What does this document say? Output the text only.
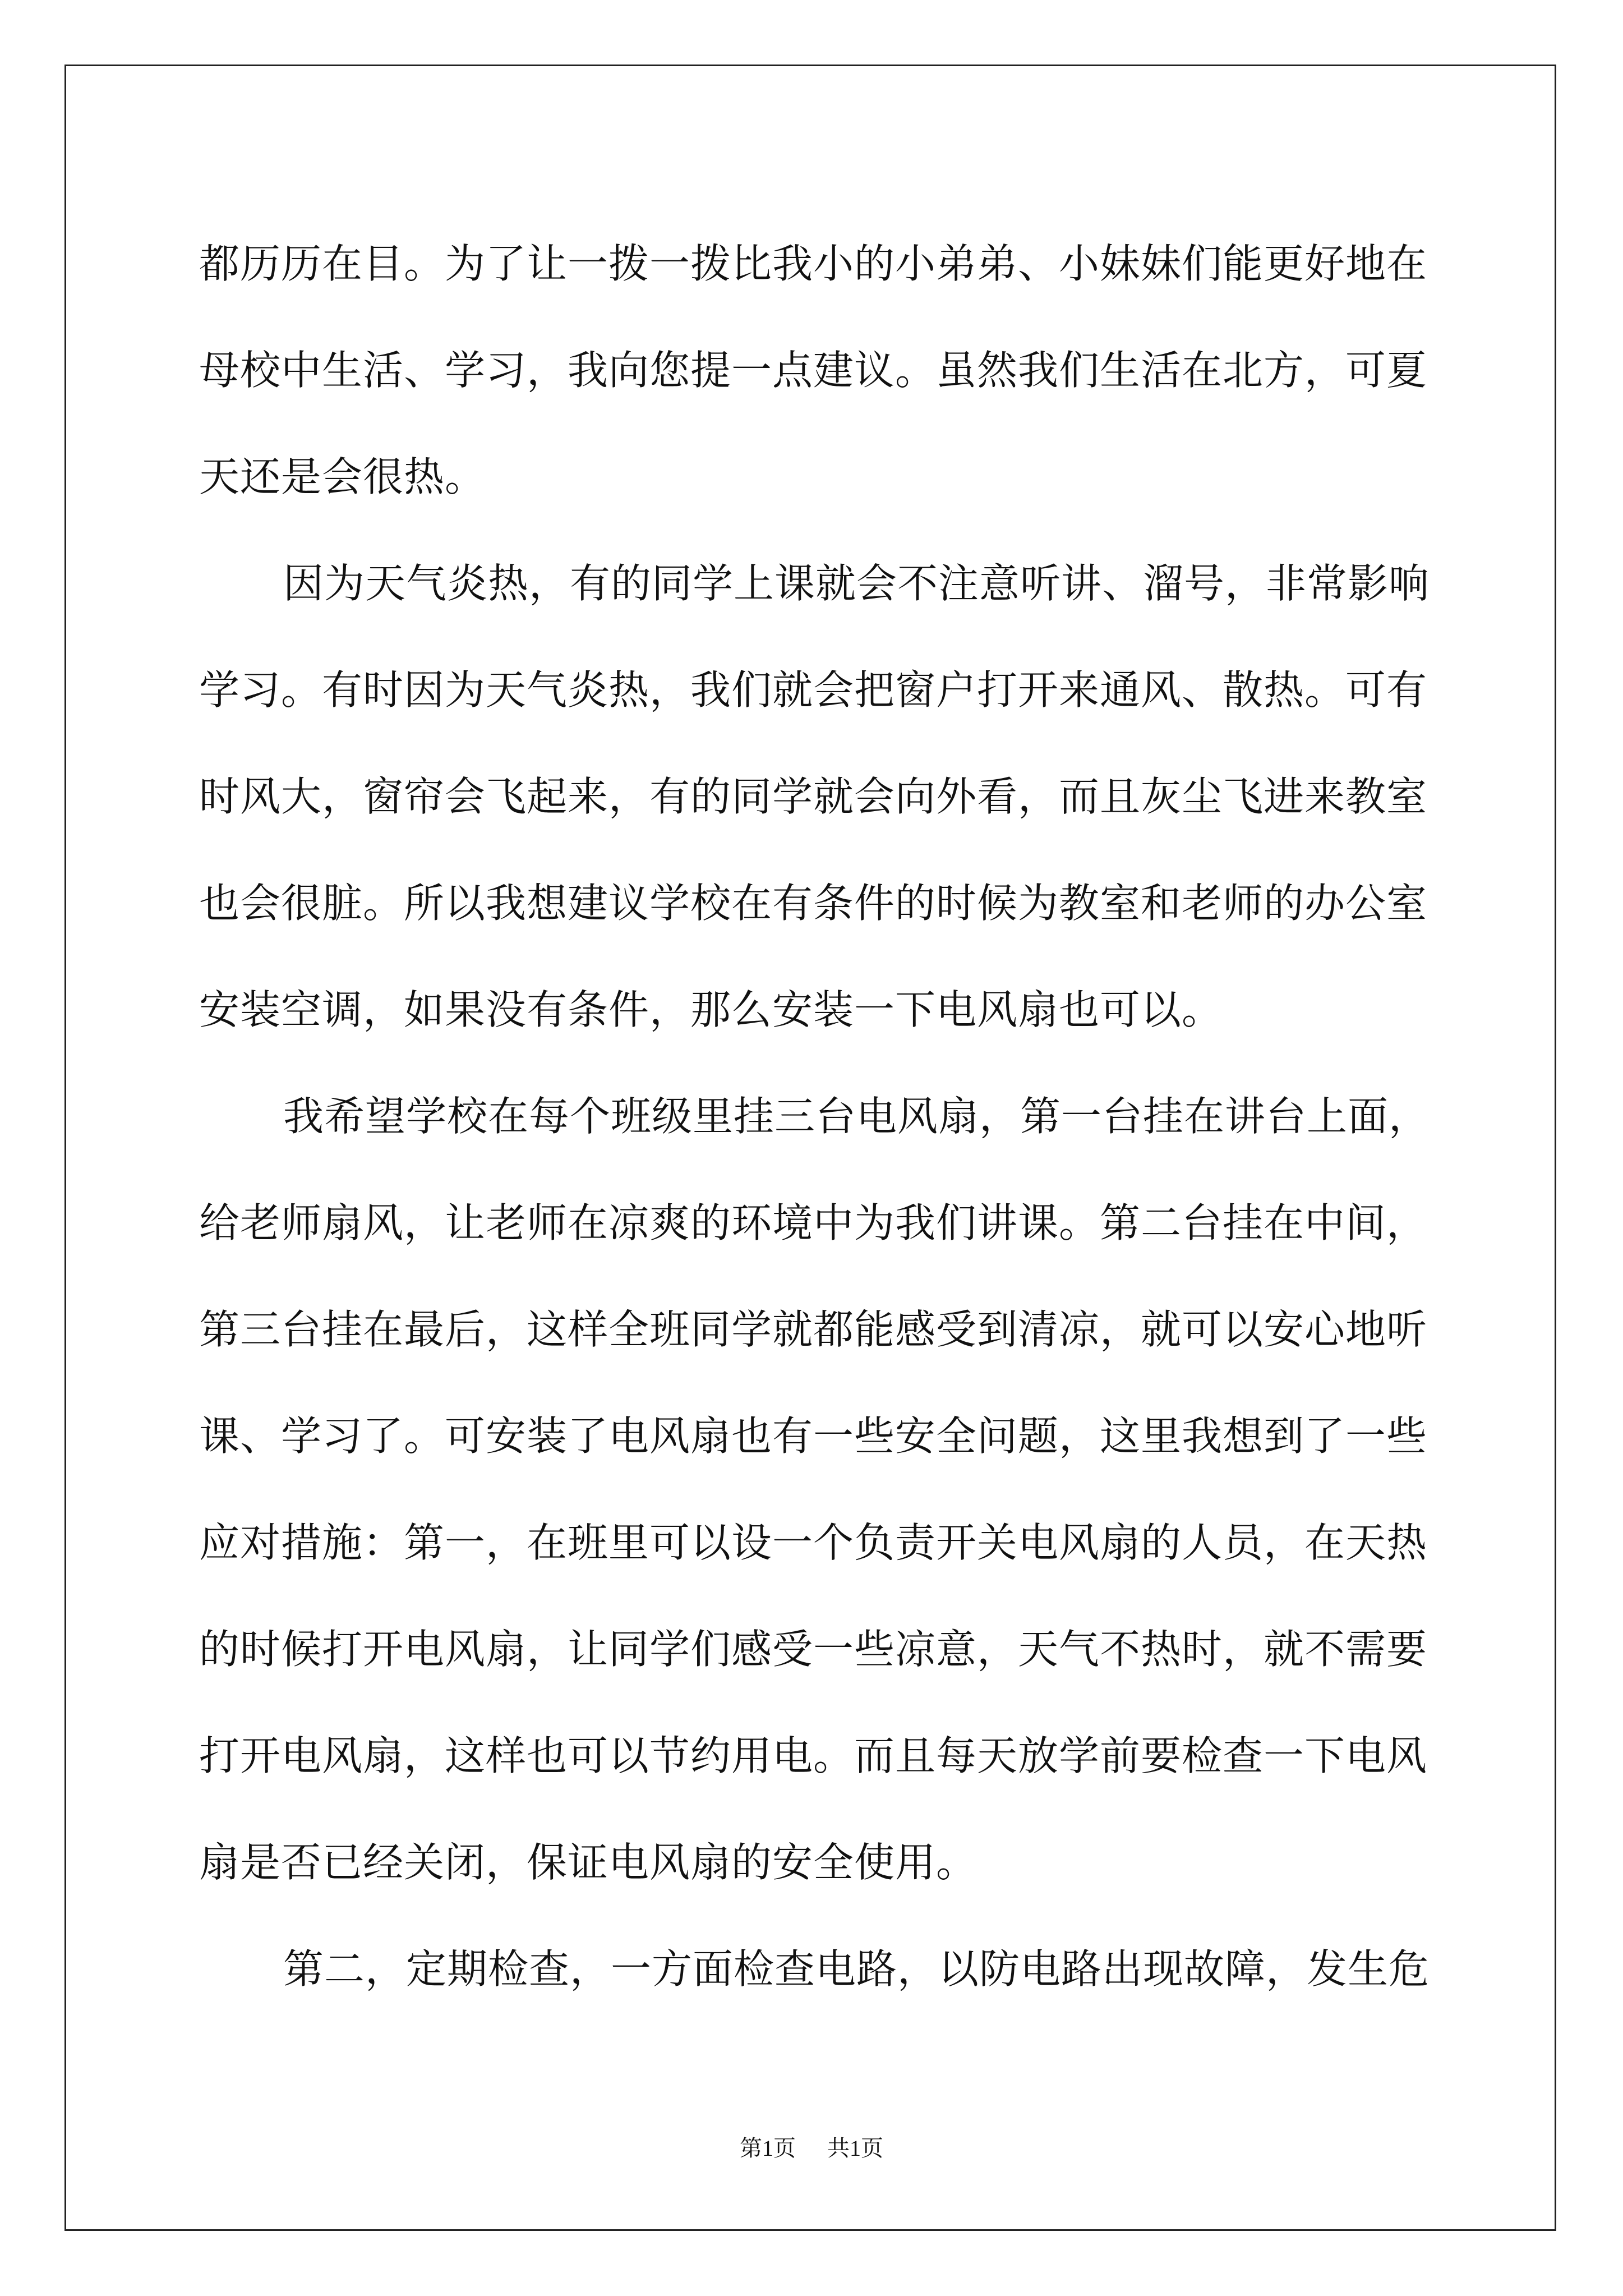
都历历在目。为了让一拨一拨比我小的小弟弟、小妹妹们能更好地在
母校中生活、学习，我向您提一点建议。虽然我们生活在北方，可夏
天还是会很热。
因为天气炎热，有的同学上课就会不注意听讲、溜号，非常影响
学习。有时因为天气炎热，我们就会把窗户打开来通风、散热。可有
时风大，窗帘会飞起来，有的同学就会向外看，而且灰尘飞进来教室
也会很脏。所以我想建议学校在有条件的时候为教室和老师的办公室
安装空调，如果没有条件，那么安装一下电风扇也可以。
我希望学校在每个班级里挂三台电风扇，第一台挂在讲台上面，
给老师扇风，让老师在凉爽的环境中为我们讲课。第二台挂在中间，
第三台挂在最后，这样全班同学就都能感受到清凉，就可以安心地听
课、学习了。可安装了电风扇也有一些安全问题，这里我想到了一些
应对措施：第一，在班里可以设一个负责开关电风扇的人员，在天热
的时候打开电风扇，让同学们感受一些凉意，天气不热时，就不需要
打开电风扇，这样也可以节约用电。而且每天放学前要检查一下电风
扇是否已经关闭，保证电风扇的安全使用。
第二，定期检查，一方面检查电路，以防电路出现故障，发生危
第1页 共1页
